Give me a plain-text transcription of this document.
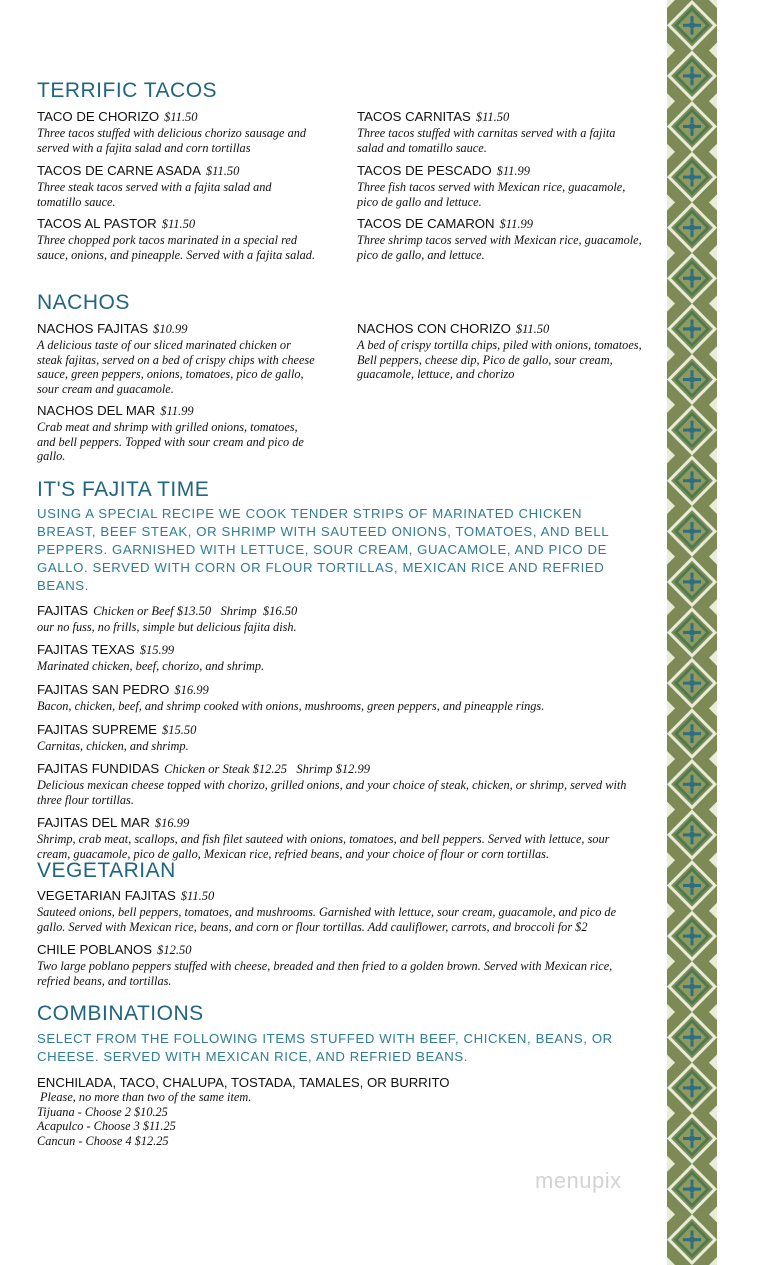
TERRIFIC TACOS
TACO DE CHORIZO $11.50
Three tacos stuffed with delicious chorizo sausage and served with a fajita salad and corn tortillas
TACOS CARNITAS $11.50
Three tacos stuffed with carnitas served with a fajita salad and tomatillo sauce.
TACOS DE CARNE ASADA $11.50
Three steak tacos served with a fajita salad and tomatillo sauce.
TACOS DE PESCADO $11.99
Three fish tacos served with Mexican rice, guacamole, pico de gallo and lettuce.
TACOS AL PASTOR $11.50
Three chopped pork tacos marinated in a special red sauce, onions, and pineapple. Served with a fajita salad.
TACOS DE CAMARON $11.99
Three shrimp tacos served with Mexican rice, guacamole, pico de gallo, and lettuce.
NACHOS
NACHOS FAJITAS $10.99
A delicious taste of our sliced marinated chicken or steak fajitas, served on a bed of crispy chips with cheese sauce, green peppers, onions, tomatoes, pico de gallo, sour cream and guacamole.
NACHOS CON CHORIZO $11.50
A bed of crispy tortilla chips, piled with onions, tomatoes, Bell peppers, cheese dip, Pico de gallo, sour cream, guacamole, lettuce, and chorizo
NACHOS DEL MAR $11.99
Crab meat and shrimp with grilled onions, tomatoes, and bell peppers. Topped with sour cream and pico de gallo.
IT'S FAJITA TIME

USING A SPECIAL RECIPE WE COOK TENDER STRIPS OF MARINATED CHICKEN BREAST, BEEF STEAK, OR SHRIMP WITH SAUTEED ONIONS, TOMATOES, AND BELL PEPPERS. GARNISHED WITH LETTUCE, SOUR CREAM, GUACAMOLE, AND PICO DE GALLO. SERVED WITH CORN OR FLOUR TORTILLAS, MEXICAN RICE AND REFRIED BEANS.

FAJITAS Chicken or Beef $13.50   Shrimp  $16.50
our no fuss, no frills, simple but delicious fajita dish.
FAJITAS TEXAS $15.99
Marinated chicken, beef, chorizo, and shrimp.
FAJITAS SAN PEDRO $16.99
Bacon, chicken, beef, and shrimp cooked with onions, mushrooms, green peppers, and pineapple rings.
FAJITAS SUPREME $15.50
Carnitas, chicken, and shrimp.
FAJITAS FUNDIDAS Chicken or Steak $12.25   Shrimp $12.99
Delicious mexican cheese topped with chorizo, grilled onions, and your choice of steak, chicken, or shrimp, served with three flour tortillas.
FAJITAS DEL MAR $16.99
Shrimp, crab meat, scallops, and fish filet sauteed with onions, tomatoes, and bell peppers. Served with lettuce, sour cream, guacamole, pico de gallo, Mexican rice, refried beans, and your choice of flour or corn tortillas.
VEGETARIAN
VEGETARIAN FAJITAS $11.50
Sauteed onions, bell peppers, tomatoes, and mushrooms. Garnished with lettuce, sour cream, guacamole, and pico de gallo. Served with Mexican rice, beans, and corn or flour tortillas. Add cauliflower, carrots, and broccoli for $2
CHILE POBLANOS $12.50
Two large poblano peppers stuffed with cheese, breaded and then fried to a golden brown. Served with Mexican rice, refried beans, and tortillas.
COMBINATIONS

SELECT FROM THE FOLLOWING ITEMS STUFFED WITH BEEF, CHICKEN, BEANS, OR CHEESE. SERVED WITH MEXICAN RICE, AND REFRIED BEANS.

ENCHILADA, TACO, CHALUPA, TOSTADA, TAMALES, OR BURRITO
Please, no more than two of the same item.
Tijuana - Choose 2 $10.25
Acapulco - Choose 3 $11.25
Cancun - Choose 4 $12.25
menupix
